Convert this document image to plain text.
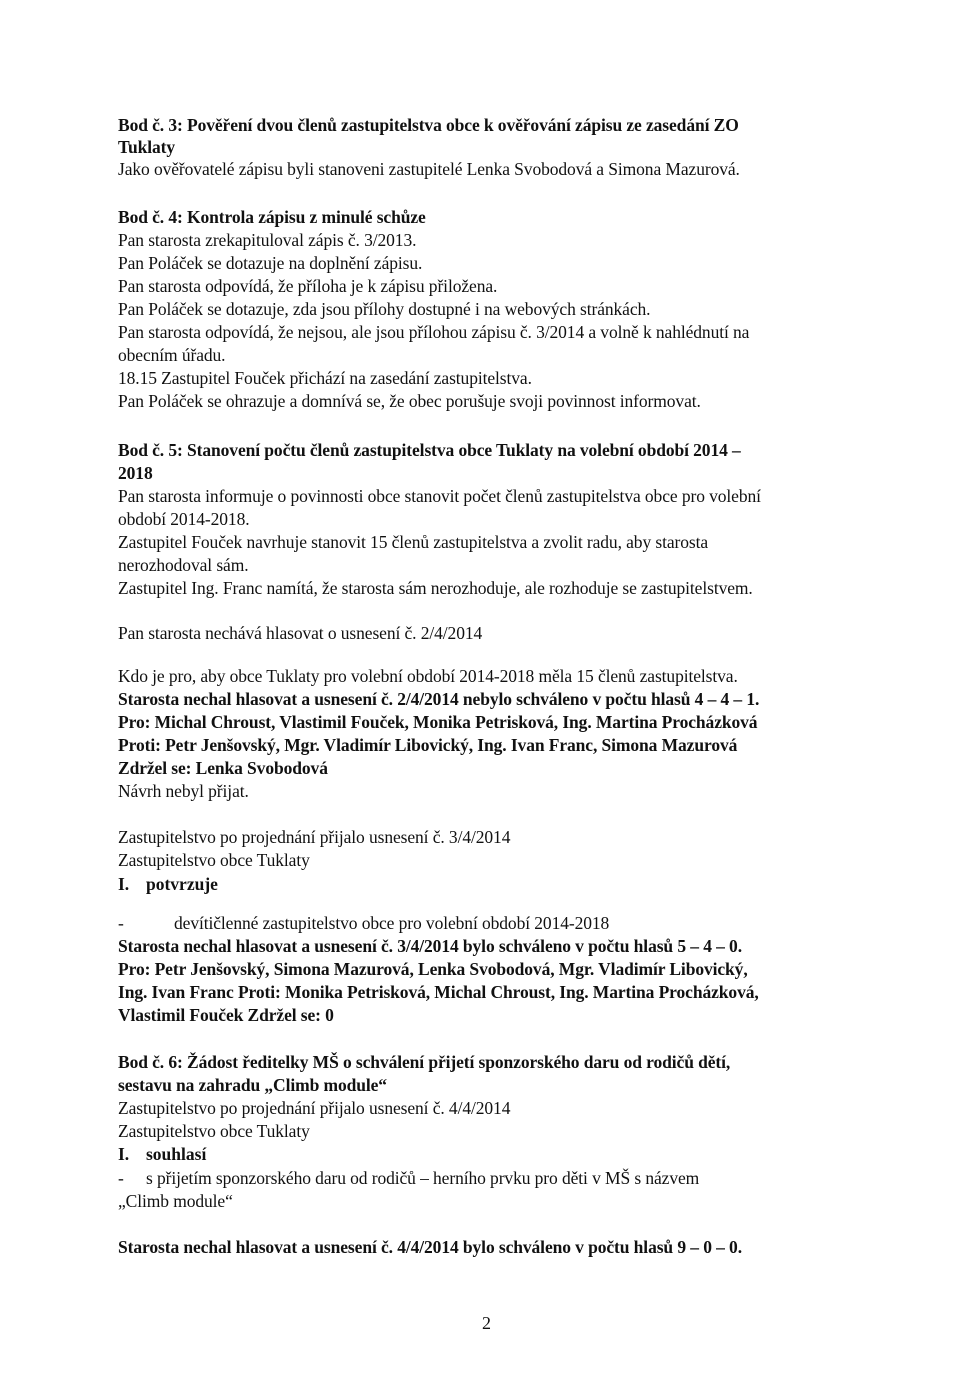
Bod č. 3: Pověření dvou členů zastupitelstva obce k ověřování zápisu ze zasedání ZO
Tuklaty
Jako ověřovatelé zápisu byli stanoveni zastupitelé Lenka Svobodová a Simona Mazurová.
Bod č. 4: Kontrola zápisu z minulé schůze
Pan starosta zrekapituloval zápis č. 3/2013.
Pan Poláček se dotazuje na doplnění zápisu.
Pan starosta odpovídá, že příloha je k zápisu přiložena.
Pan Poláček se dotazuje, zda jsou přílohy dostupné i na webových stránkách.
Pan starosta odpovídá, že nejsou, ale jsou přílohou zápisu č. 3/2014 a volně k nahlédnutí na
obecním úřadu.
18.15 Zastupitel Fouček přichází na zasedání zastupitelstva.
Pan Poláček se ohrazuje a domnívá se, že obec porušuje svoji povinnost informovat.
Bod č. 5: Stanovení počtu členů zastupitelstva obce Tuklaty na volební období 2014 –
2018
Pan starosta informuje o povinnosti obce stanovit počet členů zastupitelstva obce pro volební
období 2014-2018.
Zastupitel Fouček navrhuje stanovit 15 členů zastupitelstva a zvolit radu, aby starosta
nerozhodoval sám.
Zastupitel Ing. Franc namítá, že starosta sám nerozhoduje, ale rozhoduje se zastupitelstvem.
Pan starosta nechává hlasovat o usnesení č. 2/4/2014
Kdo je pro, aby obce Tuklaty pro volební období 2014-2018 měla 15 členů zastupitelstva.
Starosta nechal hlasovat a usnesení č. 2/4/2014 nebylo schváleno v počtu hlasů 4 – 4 – 1.
Pro: Michal Chroust, Vlastimil Fouček, Monika Petrisková, Ing. Martina Procházková
Proti: Petr Jenšovský, Mgr. Vladimír Libovický, Ing. Ivan Franc, Simona Mazurová
Zdržel se: Lenka Svobodová
Návrh nebyl přijat.
Zastupitelstvo po projednání přijalo usnesení č. 3/4/2014
Zastupitelstvo obce Tuklaty
I. potvrzuje
-	devítičlenné zastupitelstvo obce pro volební období 2014-2018
Starosta nechal hlasovat a usnesení č. 3/4/2014 bylo schváleno v počtu hlasů 5 – 4 – 0.
Pro: Petr Jenšovský, Simona Mazurová, Lenka Svobodová, Mgr. Vladimír Libovický,
Ing. Ivan Franc Proti: Monika Petrisková, Michal Chroust, Ing. Martina Procházková,
Vlastimil Fouček Zdržel se: 0
Bod č. 6: Žádost ředitelky MŠ o schválení přijetí sponzorského daru od rodičů dětí,
sestavu na zahradu „Climb module“
Zastupitelstvo po projednání přijalo usnesení č. 4/4/2014
Zastupitelstvo obce Tuklaty
I. souhlasí
- s přijetím sponzorského daru od rodičů – herního prvku pro děti v MŠ s názvem
„Climb module“
Starosta nechal hlasovat a usnesení č. 4/4/2014 bylo schváleno v počtu hlasů 9 – 0 – 0.
2
